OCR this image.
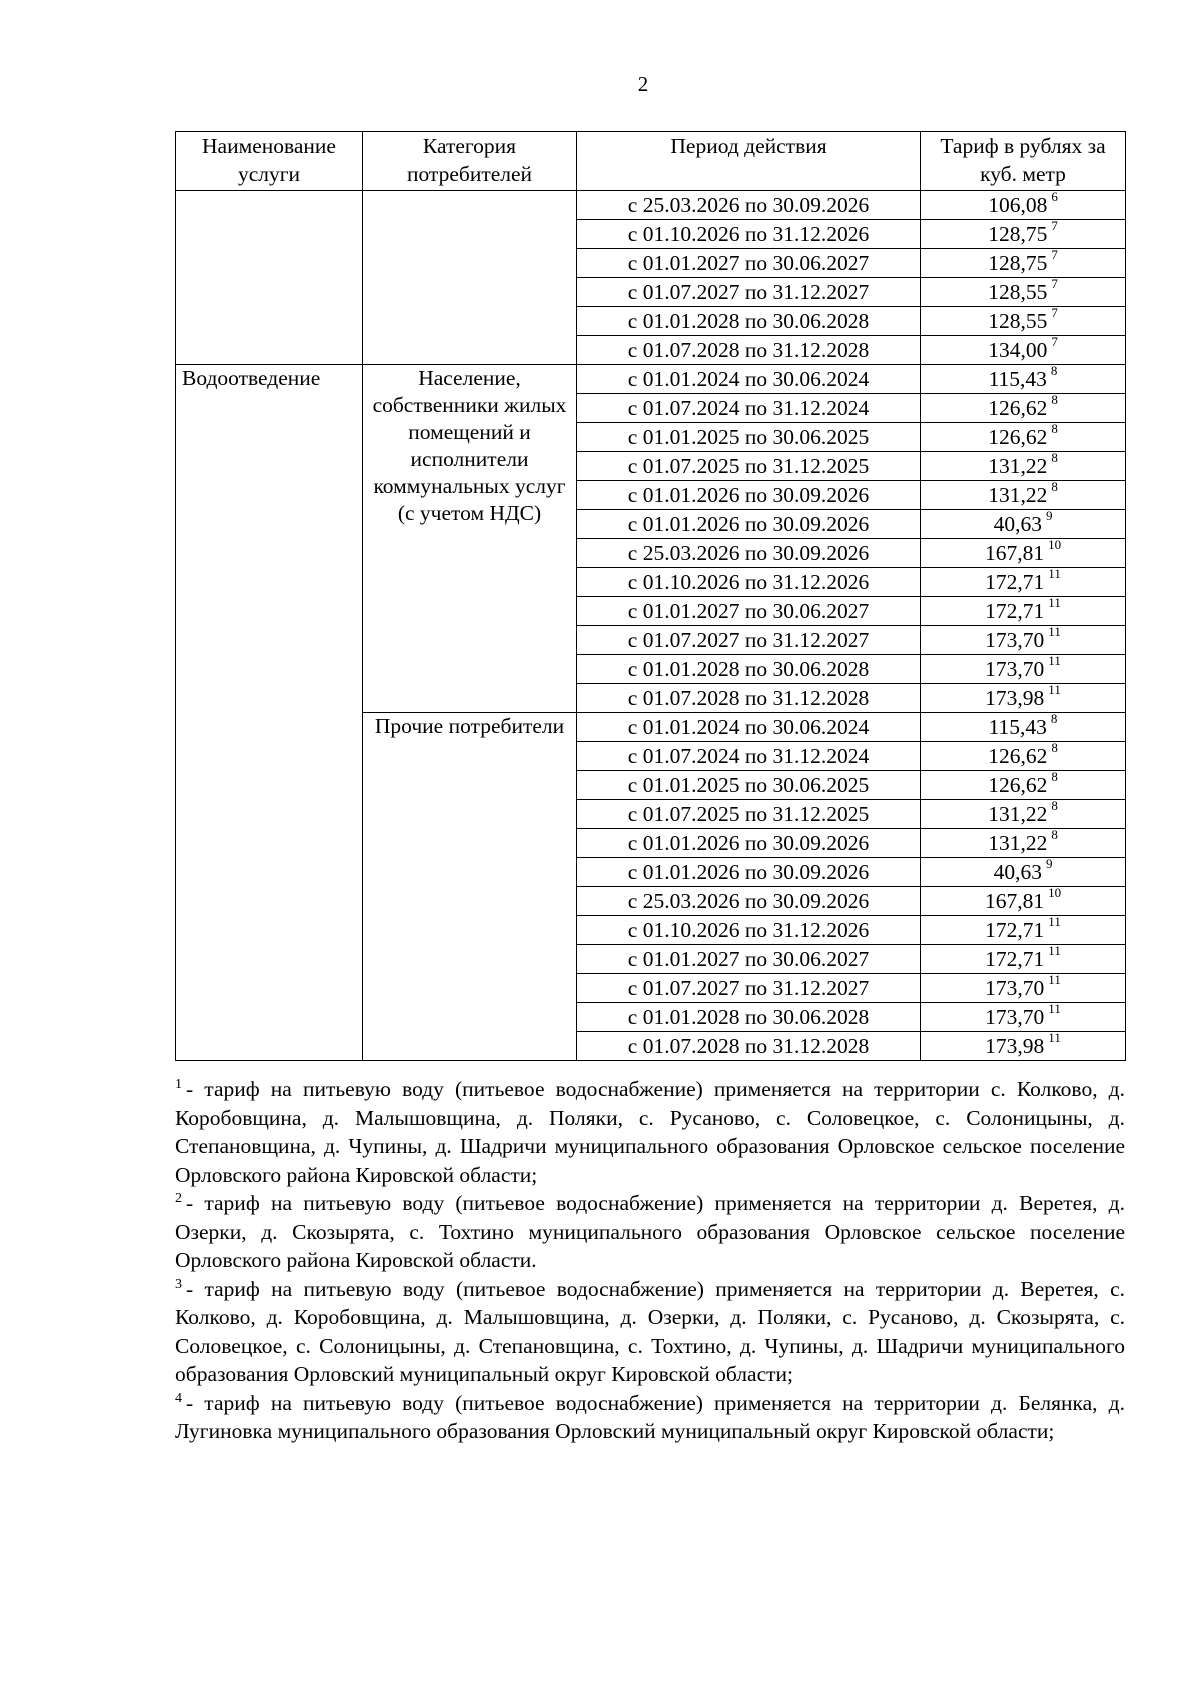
2
Наименование услуги	Категория потребителей	Период действия	Тариф в рублях за куб. метр
		с 25.03.2026 по 30.09.2026	106,08 $^6$
		с 01.10.2026 по 31.12.2026	128,75 $^7$
		с 01.01.2027 по 30.06.2027	128,75 $^7$
		с 01.07.2027 по 31.12.2027	128,55 $^7$
		с 01.01.2028 по 30.06.2028	128,55 $^7$
		с 01.07.2028 по 31.12.2028	134,00 $^7$
Водоотведение	Население, собственники жилых помещений и исполнители коммунальных услуг (с учетом НДС)	с 01.01.2024 по 30.06.2024	115,43 $^8$
		с 01.07.2024 по 31.12.2024	126,62 $^8$
		с 01.01.2025 по 30.06.2025	126,62 $^8$
		с 01.07.2025 по 31.12.2025	131,22 $^8$
		с 01.01.2026 по 30.09.2026	131,22 $^8$
		с 01.01.2026 по 30.09.2026	40,63 $^9$
		с 25.03.2026 по 30.09.2026	167,81 $^{10}$
		с 01.10.2026 по 31.12.2026	172,71 $^{11}$
		с 01.01.2027 по 30.06.2027	172,71 $^{11}$
		с 01.07.2027 по 31.12.2027	173,70 $^{11}$
		с 01.01.2028 по 30.06.2028	173,70 $^{11}$
		с 01.07.2028 по 31.12.2028	173,98 $^{11}$
	Прочие потребители	с 01.01.2024 по 30.06.2024	115,43 $^8$
		с 01.07.2024 по 31.12.2024	126,62 $^8$
		с 01.01.2025 по 30.06.2025	126,62 $^8$
		с 01.07.2025 по 31.12.2025	131,22 $^8$
		с 01.01.2026 по 30.09.2026	131,22 $^8$
		с 01.01.2026 по 30.09.2026	40,63 $^9$
		с 25.03.2026 по 30.09.2026	167,81 $^{10}$
		с 01.10.2026 по 31.12.2026	172,71 $^{11}$
		с 01.01.2027 по 30.06.2027	172,71 $^{11}$
		с 01.07.2027 по 31.12.2027	173,70 $^{11}$
		с 01.01.2028 по 30.06.2028	173,70 $^{11}$
		с 01.07.2028 по 31.12.2028	173,98 $^{11}$

$^1$ - тариф на питьевую воду (питьевое водоснабжение) применяется на территории с. Колково, д. Коробовщина, д. Малышовщина, д. Поляки, с. Русаново, с. Соловецкое, с. Солоницыны, д. Степановщина, д. Чупины, д. Шадричи муниципального образования Орловское сельское поселение Орловского района Кировской области;

$^2$ - тариф на питьевую воду (питьевое водоснабжение) применяется на территории д. Веретея, д. Озерки, д. Скозырята, с. Тохтино муниципального образования Орловское сельское поселение Орловского района Кировской области.

$^3$ - тариф на питьевую воду (питьевое водоснабжение) применяется на территории д. Веретея, с. Колково, д. Коробовщина, д. Малышовщина, д. Озерки, д. Поляки, с. Русаново, д. Скозырята, с. Соловецкое, с. Солоницыны, д. Степановщина, с. Тохтино, д. Чупины, д. Шадричи муниципального образования Орловский муниципальный округ Кировской области;

$^4$ - тариф на питьевую воду (питьевое водоснабжение) применяется на территории д. Белянка, д. Лугиновка муниципального образования Орловский муниципальный округ Кировской области;
